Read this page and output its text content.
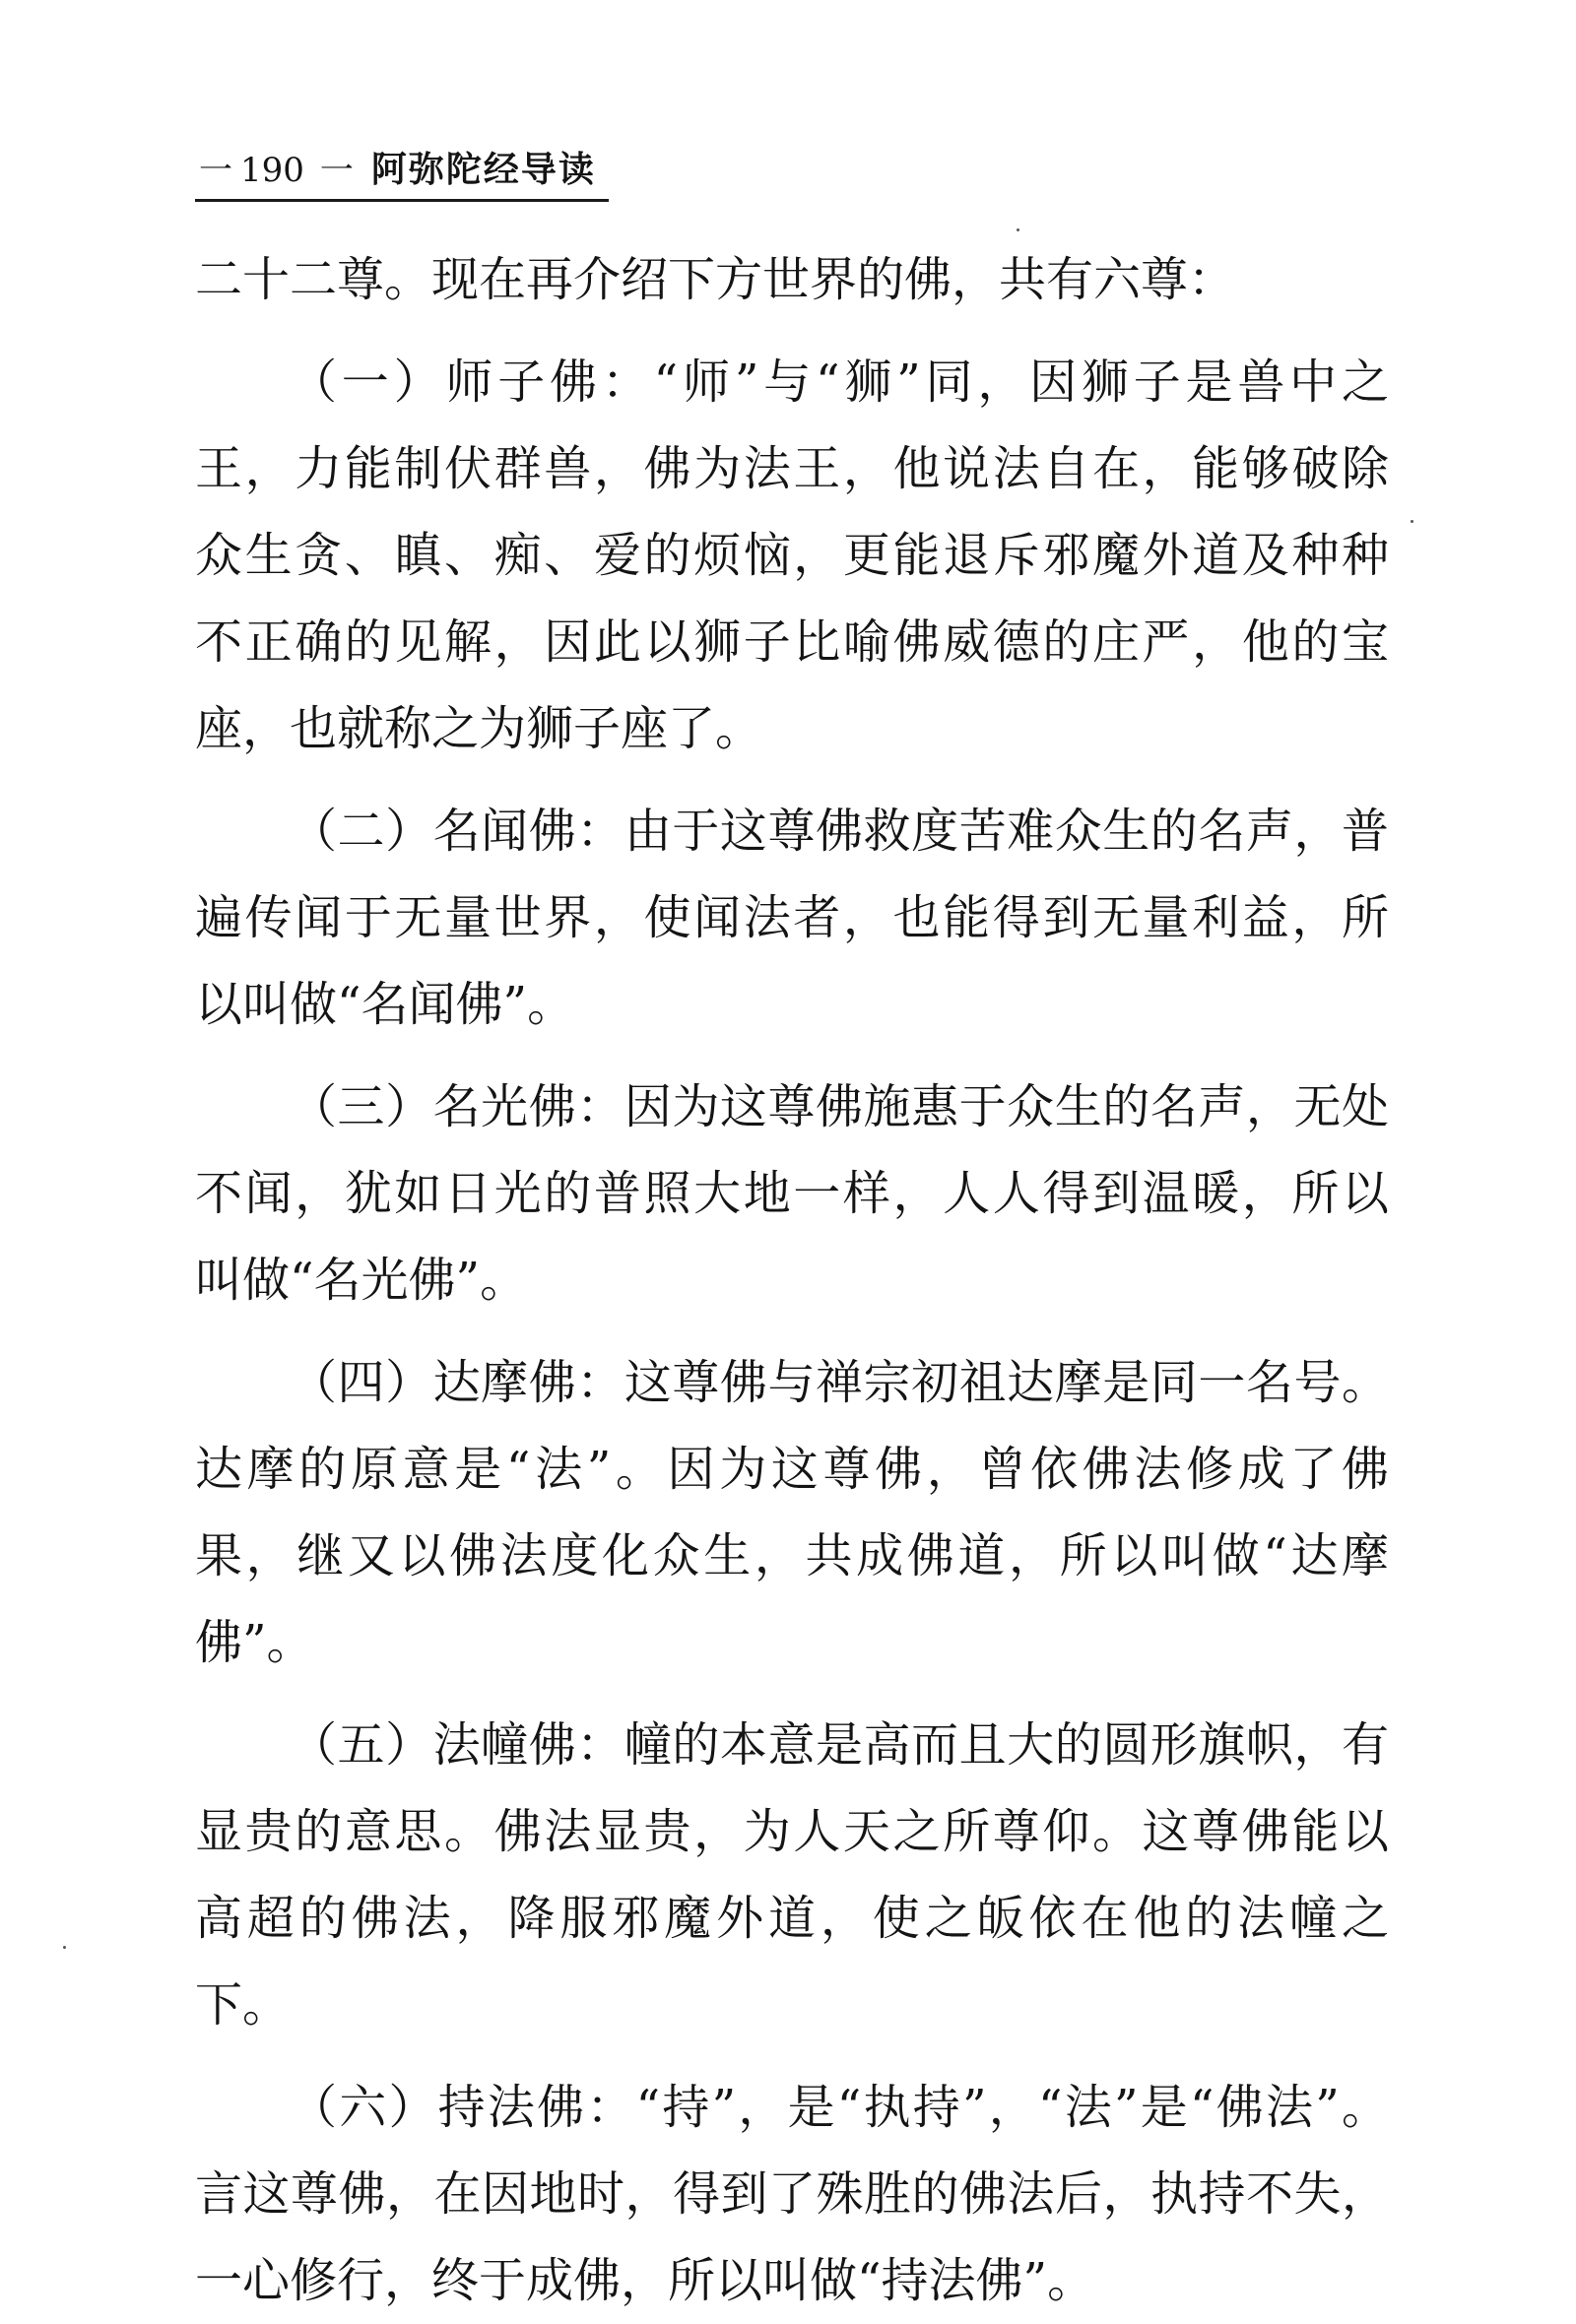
一 190 一 阿弥陀经导读
二十二尊。现在再介绍下方世界的佛，共有六尊：
（一）师子佛：“师”与“狮”同，因狮子是兽中之
王，力能制伏群兽，佛为法王，他说法自在，能够破除
众生贪、瞋、痴、爱的烦恼，更能退斥邪魔外道及种种
不正确的见解，因此以狮子比喻佛威德的庄严，他的宝
座，也就称之为狮子座了。
（二）名闻佛：由于这尊佛救度苦难众生的名声，普
遍传闻于无量世界，使闻法者，也能得到无量利益，所
以叫做“名闻佛”。
（三）名光佛：因为这尊佛施惠于众生的名声，无处
不闻，犹如日光的普照大地一样，人人得到温暖，所以
叫做“名光佛”。
（四）达摩佛：这尊佛与禅宗初祖达摩是同一名号。
达摩的原意是“法”。因为这尊佛，曾依佛法修成了佛
果，继又以佛法度化众生，共成佛道，所以叫做“达摩
佛”。
（五）法幢佛：幢的本意是高而且大的圆形旗帜，有
显贵的意思。佛法显贵，为人天之所尊仰。这尊佛能以
高超的佛法，降服邪魔外道，使之皈依在他的法幢之
下。
（六）持法佛：“持”，是“执持”，“法”是“佛法”。
言这尊佛，在因地时，得到了殊胜的佛法后，执持不失，
一心修行，终于成佛，所以叫做“持法佛”。
